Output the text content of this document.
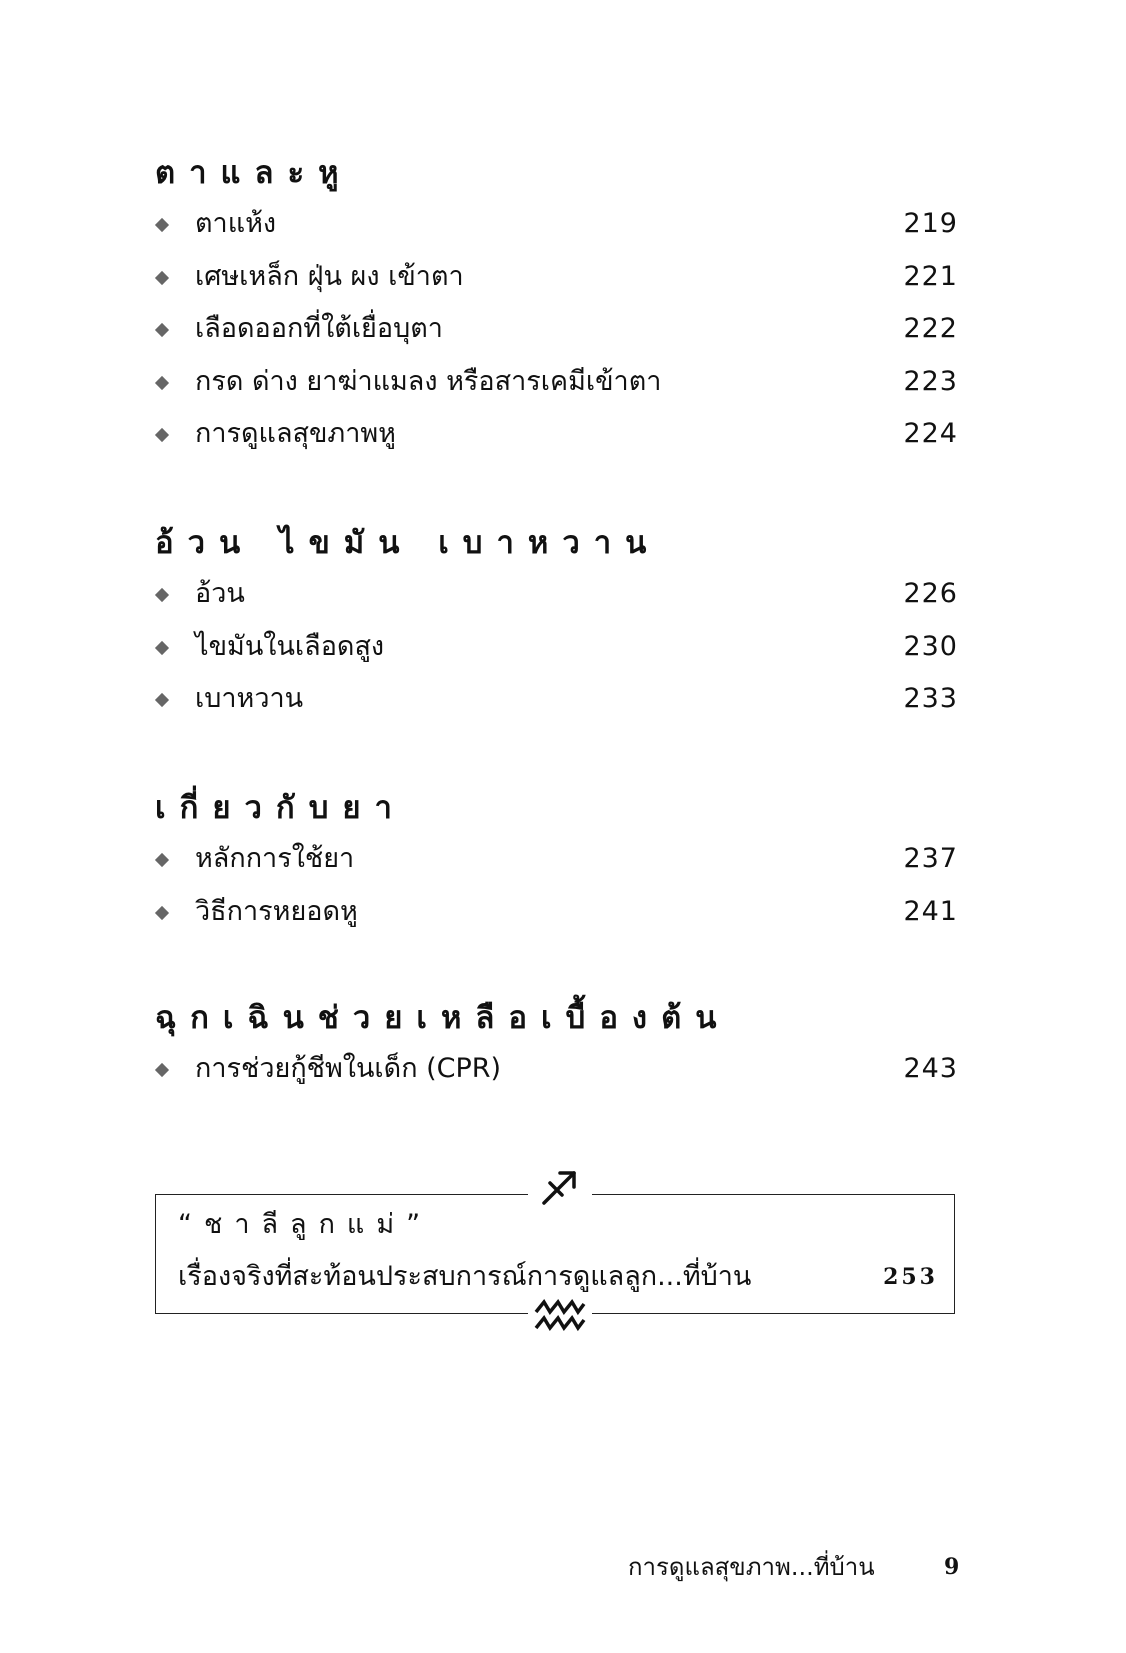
ตาและหู
ตาแห้ง	219
เศษเหล็ก ฝุ่น ผง เข้าตา	221
เลือดออกที่ใต้เยื่อบุตา	222
กรด ด่าง ยาฆ่าแมลง หรือสารเคมีเข้าตา	223
การดูแลสุขภาพหู	224
อ้วน ไขมัน เบาหวาน
อ้วน	226
ไขมันในเลือดสูง	230
เบาหวาน	233
เกี่ยวกับยา
หลักการใช้ยา	237
วิธีการหยอดหู	241
ฉุกเฉินช่วยเหลือเบื้องต้น
การช่วยกู้ชีพในเด็ก (CPR)	243
“ชาลีลูกแม่”
เรื่องจริงที่สะท้อนประสบการณ์การดูแลลูก...ที่บ้าน	253
การดูแลสุขภาพ...ที่บ้าน	9
